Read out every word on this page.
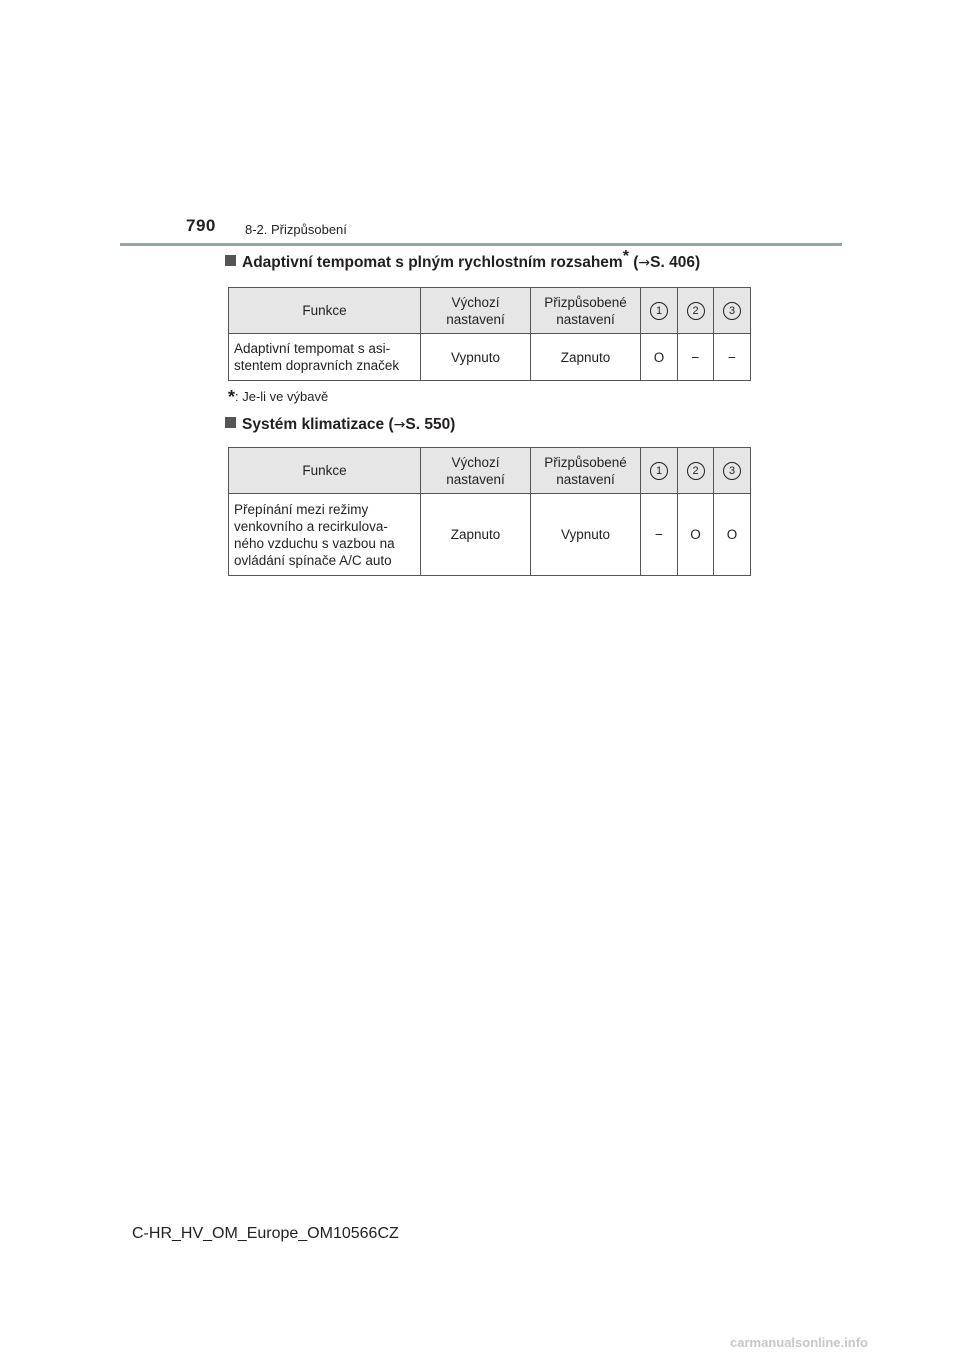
790 8-2. Přizpůsobení
Adaptivní tempomat s plným rychlostním rozsahem* (→S. 406)
Funkce	Výchozí nastavení	Přizpůsobené nastavení	1	2	3
Adaptivní tempomat s asi-stentem dopravních značek	Vypnuto	Zapnuto	O	−	−
*: Je-li ve výbavě
Systém klimatizace (→S. 550)
Funkce	Výchozí nastavení	Přizpůsobené nastavení	1	2	3
Přepínání mezi režimy venkovního a recirkulova-ného vzduchu s vazbou na ovládání spínače A/C auto	Zapnuto	Vypnuto	−	O	O
C-HR_HV_OM_Europe_OM10566CZ
carmanualsonline.info
